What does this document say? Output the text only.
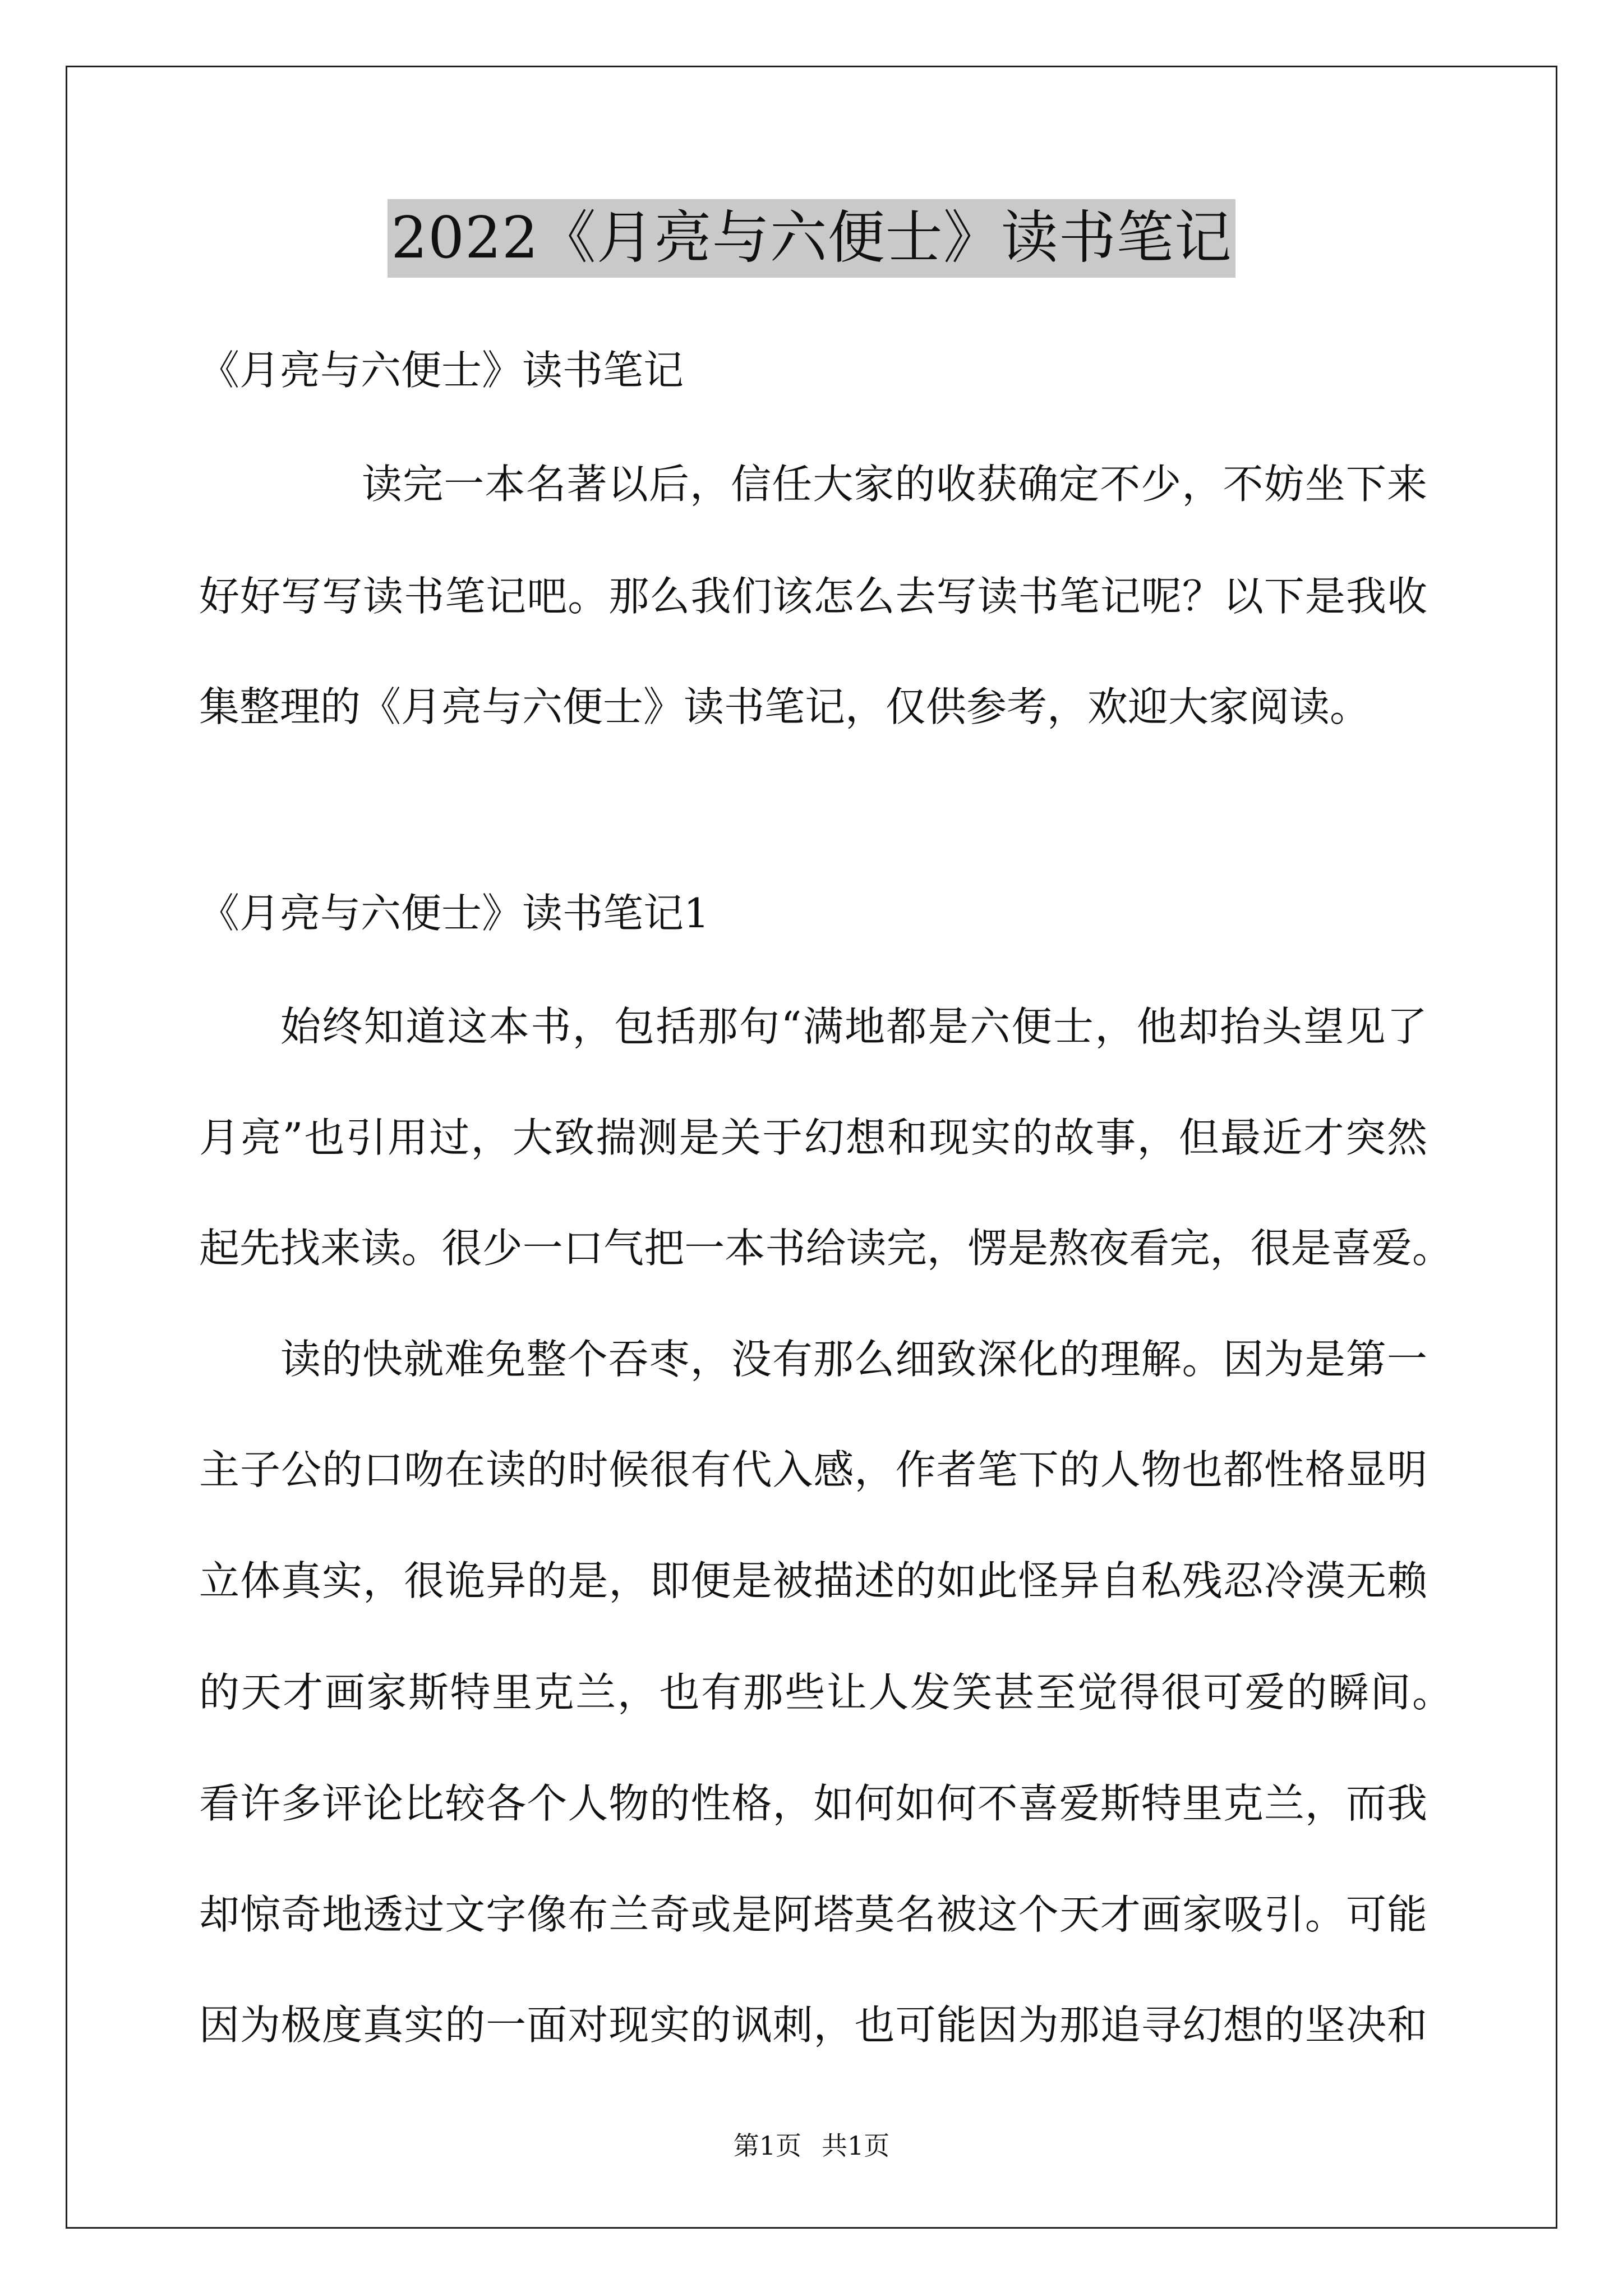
2022《月亮与六便士》读书笔记
《月亮与六便士》读书笔记
读完一本名著以后，信任大家的收获确定不少，不妨坐下来
好好写写读书笔记吧。那么我们该怎么去写读书笔记呢？以下是我收
集整理的《月亮与六便士》读书笔记，仅供参考，欢迎大家阅读。
《月亮与六便士》读书笔记1
始终知道这本书，包括那句“满地都是六便士，他却抬头望见了
月亮”也引用过，大致揣测是关于幻想和现实的故事，但最近才突然
起先找来读。很少一口气把一本书给读完，愣是熬夜看完，很是喜爱。
读的快就难免整个吞枣，没有那么细致深化的理解。因为是第一
主子公的口吻在读的时候很有代入感，作者笔下的人物也都性格显明
立体真实，很诡异的是，即便是被描述的如此怪异自私残忍冷漠无赖
的天才画家斯特里克兰，也有那些让人发笑甚至觉得很可爱的瞬间。
看许多评论比较各个人物的性格，如何如何不喜爱斯特里克兰，而我
却惊奇地透过文字像布兰奇或是阿塔莫名被这个天才画家吸引。可能
因为极度真实的一面对现实的讽刺，也可能因为那追寻幻想的坚决和
第1页 共1页
